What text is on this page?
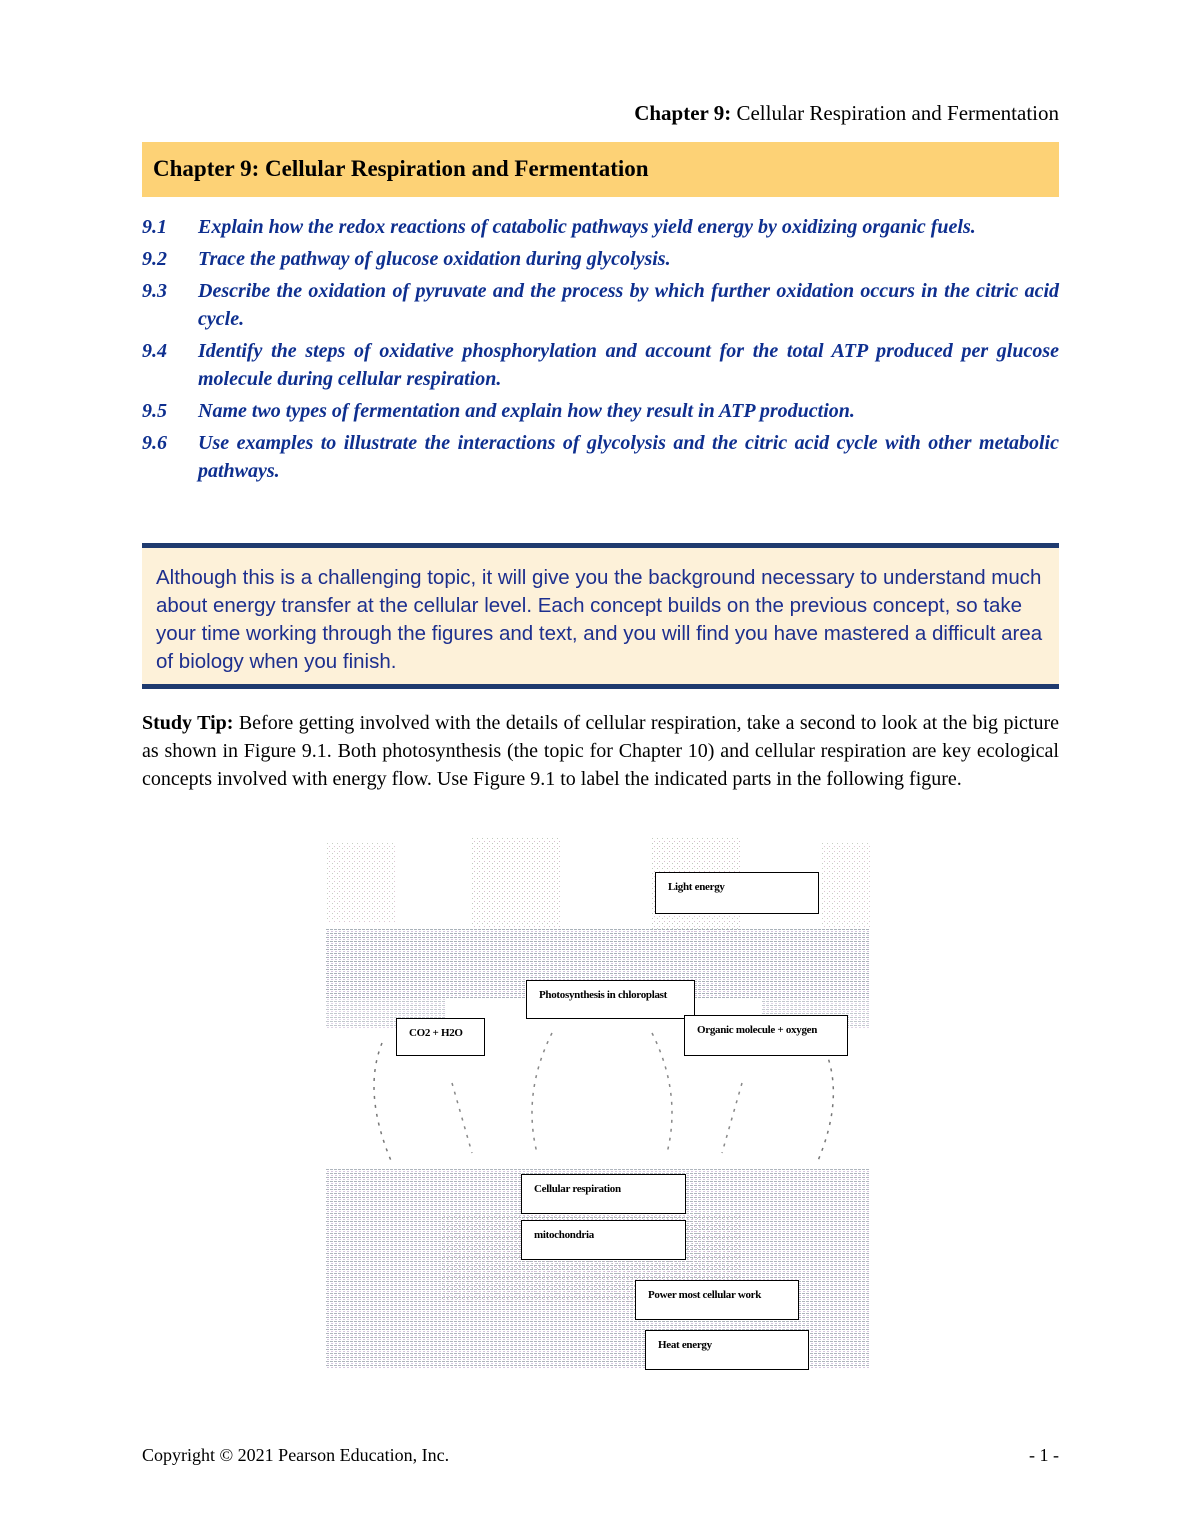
Chapter 9: Cellular Respiration and Fermentation
Chapter 9: Cellular Respiration and Fermentation
9.1	Explain how the redox reactions of catabolic pathways yield energy by oxidizing organic fuels.
9.2	Trace the pathway of glucose oxidation during glycolysis.
9.3	Describe the oxidation of pyruvate and the process by which further oxidation occurs in the citric acid cycle.
9.4	Identify the steps of oxidative phosphorylation and account for the total ATP produced per glucose molecule during cellular respiration.
9.5	Name two types of fermentation and explain how they result in ATP production.
9.6	Use examples to illustrate the interactions of glycolysis and the citric acid cycle with other metabolic pathways.
Although this is a challenging topic, it will give you the background necessary to understand much about energy transfer at the cellular level. Each concept builds on the previous concept, so take your time working through the figures and text, and you will find you have mastered a difficult area of biology when you finish.
Study Tip: Before getting involved with the details of cellular respiration, take a second to look at the big picture as shown in Figure 9.1. Both photosynthesis (the topic for Chapter 10) and cellular respiration are key ecological concepts involved with energy flow. Use Figure 9.1 to label the indicated parts in the following figure.
Light energy
Photosynthesis in chloroplast
CO2 + H2O	Organic molecule + oxygen
Cellular respiration
mitochondria
Power most cellular work
Heat energy
Copyright © 2021 Pearson Education, Inc.	- 1 -
